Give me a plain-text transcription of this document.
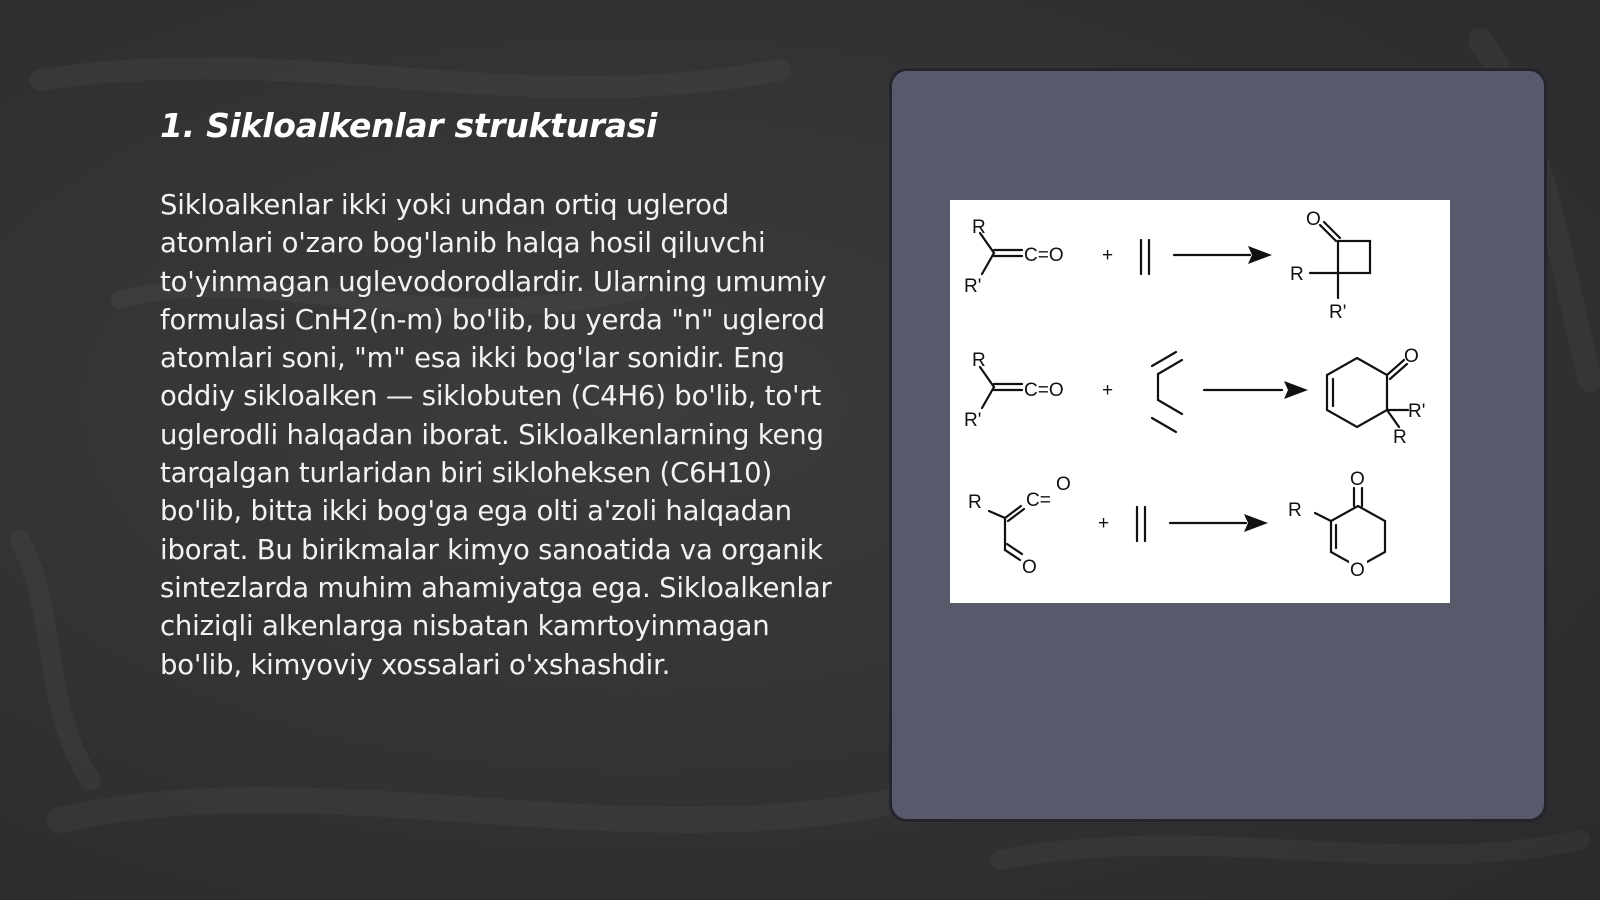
1. Sikloalkenlar strukturasi

Sikloalkenlar ikki yoki undan ortiq uglerod atomlari o'zaro bog'lanib halqa hosil qiluvchi to'yinmagan uglevodorodlardir. Ularning umumiy formulasi CnH2(n-m) bo'lib, bu yerda "n" uglerod atomlari soni, "m" esa ikki bog'lar sonidir. Eng oddiy sikloalken — siklobuten (C4H6) bo'lib, to'rt uglerodli halqadan iborat. Sikloalkenlarning keng tarqalgan turlaridan biri sikloheksen (C6H10) bo'lib, bitta ikki bog'ga ega olti a'zoli halqadan iborat. Bu birikmalar kimyo sanoatida va organik sintezlarda muhim ahamiyatga ega. Sikloalkenlar chiziqli alkenlarga nisbatan kamrtoyinmagan bo'lib, kimyoviy xossalari o'xshashdir.

R
R'
C=O +
O
R
R'
R
R'
C=O +
O
R'
R
R C=
O
O
+
O
O
R
